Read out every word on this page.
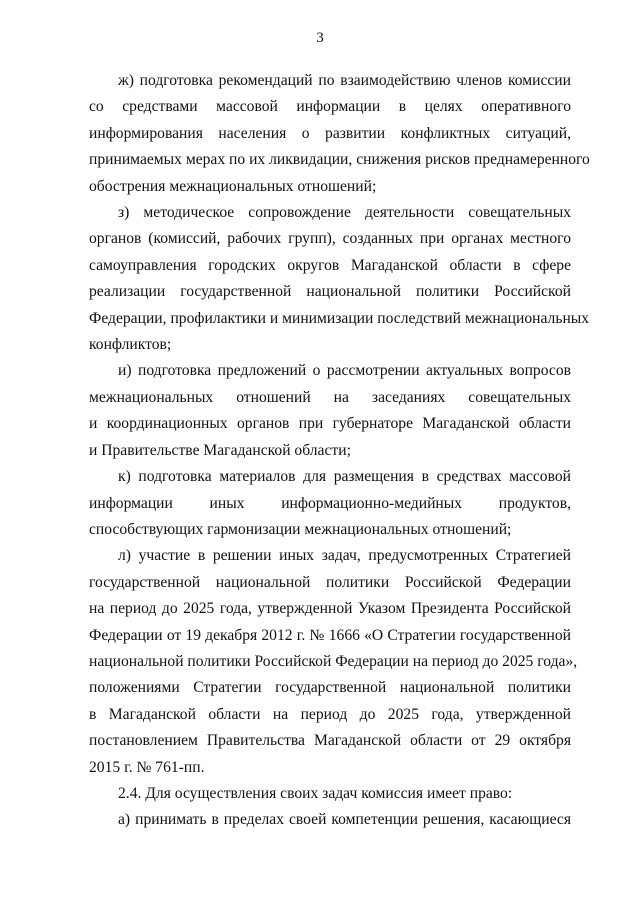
3
ж) подготовка рекомендаций по взаимодействию членов комиссии
со средствами массовой информации в целях оперативного
информирования населения о развитии конфликтных ситуаций,
принимаемых мерах по их ликвидации, снижения рисков преднамеренного
обострения межнациональных отношений;
з) методическое сопровождение деятельности совещательных
органов (комиссий, рабочих групп), созданных при органах местного
самоуправления городских округов Магаданской области в сфере
реализации государственной национальной политики Российской
Федерации, профилактики и минимизации последствий межнациональных
конфликтов;
и) подготовка предложений о рассмотрении актуальных вопросов
межнациональных отношений на заседаниях совещательных
и координационных органов при губернаторе Магаданской области
и Правительстве Магаданской области;
к) подготовка материалов для размещения в средствах массовой
информации иных информационно-медийных продуктов,
способствующих гармонизации межнациональных отношений;
л) участие в решении иных задач, предусмотренных Стратегией
государственной национальной политики Российской Федерации
на период до 2025 года, утвержденной Указом Президента Российской
Федерации от 19 декабря 2012 г. № 1666 «О Стратегии государственной
национальной политики Российской Федерации на период до 2025 года»,
положениями Стратегии государственной национальной политики
в Магаданской области на период до 2025 года, утвержденной
постановлением Правительства Магаданской области от 29 октября
2015 г. № 761-пп.
2.4. Для осуществления своих задач комиссия имеет право:
а) принимать в пределах своей компетенции решения, касающиеся
